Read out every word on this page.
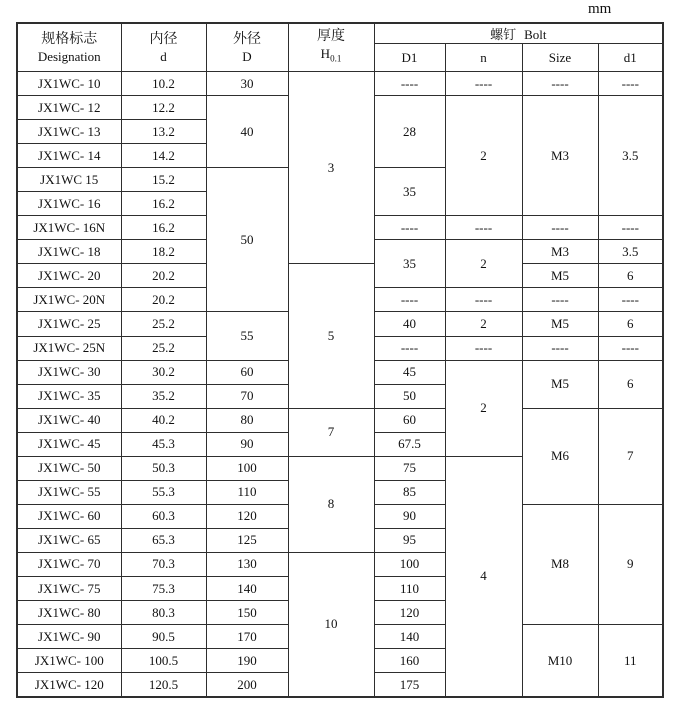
mm
规格标志
Designation

内径
d

外径
D

厚度
$H_{0.1}$
	螺钉 Bolt
				D1	n	Size	d1
JX1WC- 10	10.2	30	3	----	----	----	----
JX1WC- 12	12.2	40		28	2	M3	3.5
JX1WC- 13	13.2						
JX1WC- 14	14.2						
JX1WC 15	15.2	50		35			
JX1WC- 16	16.2						
JX1WC- 16N	16.2			----	----	----	----
JX1WC- 18	18.2			35	2	M3	3.5
JX1WC- 20	20.2		5			M5	6
JX1WC- 20N	20.2			----	----	----	----
JX1WC- 25	25.2	55		40	2	M5	6
JX1WC- 25N	25.2			----	----	----	----
JX1WC- 30	30.2	60		45	2	M5	6
JX1WC- 35	35.2	70		50			
JX1WC- 40	40.2	80	7	60		M6	7
JX1WC- 45	45.3	90		67.5			
JX1WC- 50	50.3	100	8	75	4		
JX1WC- 55	55.3	110		85			
JX1WC- 60	60.3	120		90		M8	9
JX1WC- 65	65.3	125		95			
JX1WC- 70	70.3	130	10	100			
JX1WC- 75	75.3	140		110			
JX1WC- 80	80.3	150		120			
JX1WC- 90	90.5	170		140		M10	11
JX1WC- 100	100.5	190		160			
JX1WC- 120	120.5	200		175			
